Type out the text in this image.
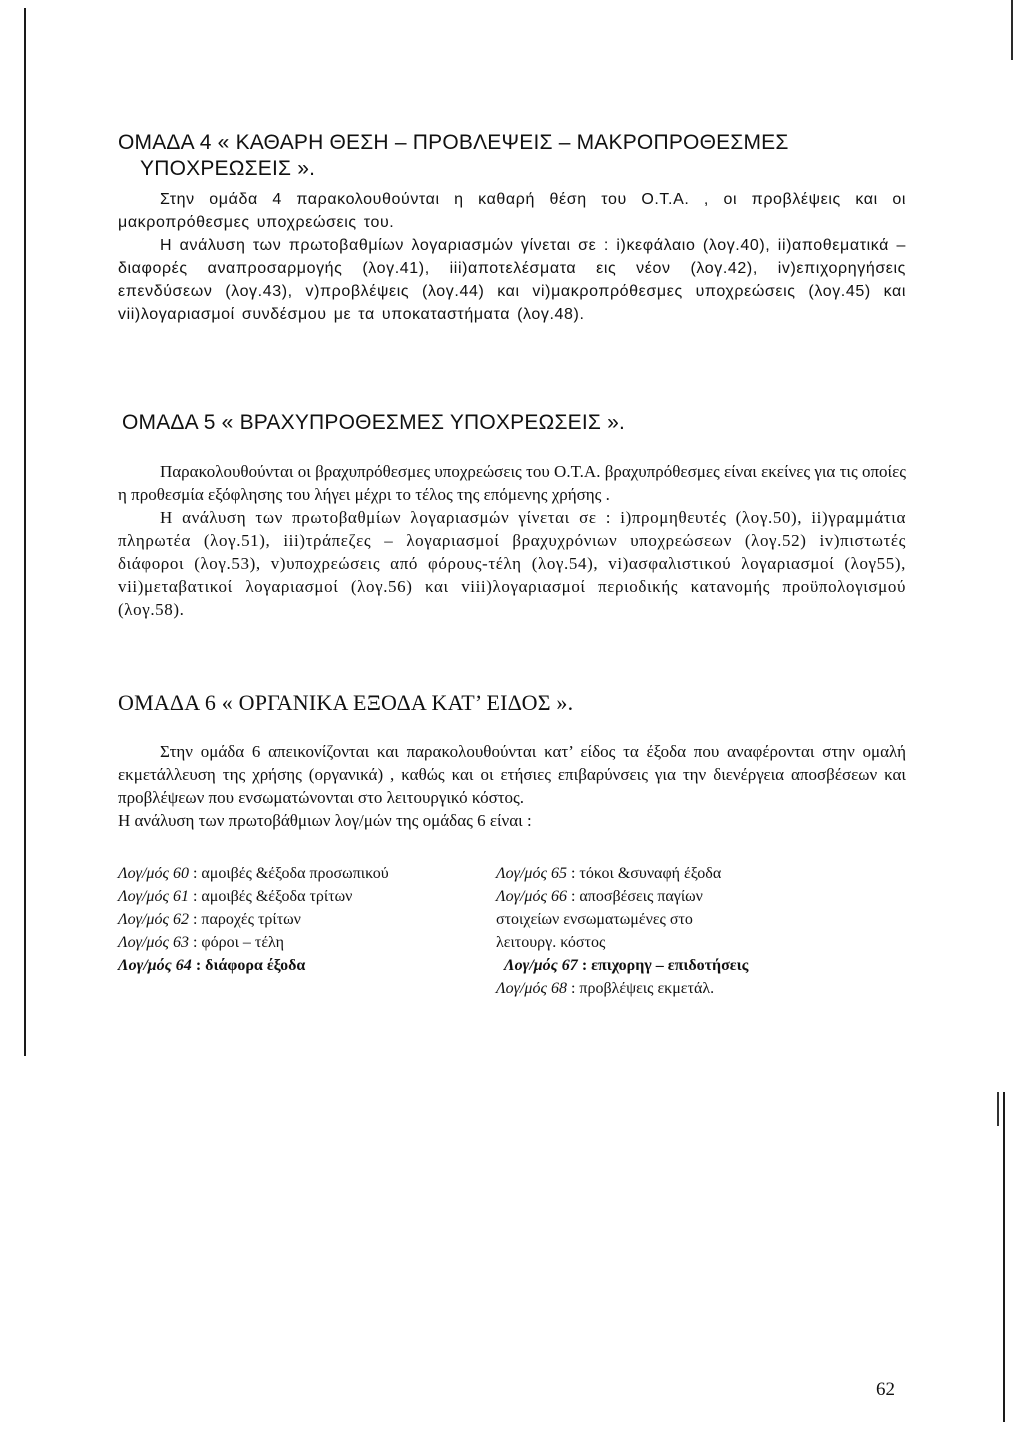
ΟΜΑΔΑ 4 « ΚΑΘΑΡΗ ΘΕΣΗ – ΠΡΟΒΛΕΨΕΙΣ – ΜΑΚΡΟΠΡΟΘΕΣΜΕΣ
ΥΠΟΧΡΕΩΣΕΙΣ ».

Στην ομάδα 4 παρακολουθούνται η καθαρή θέση του Ο.Τ.Α. , οι προβλέψεις και οι μακροπρόθεσμες υποχρεώσεις του.

Η ανάλυση των πρωτοβαθμίων λογαριασμών γίνεται σε : i)κεφάλαιο (λογ.40), ii)αποθεματικά – διαφορές αναπροσαρμογής (λογ.41), iii)αποτελέσματα εις νέον (λογ.42), iv)επιχορηγήσεις επενδύσεων (λογ.43), v)προβλέψεις (λογ.44) και vi)μακροπρόθεσμες υποχρεώσεις (λογ.45) και vii)λογαριασμοί συνδέσμου με τα υποκαταστήματα (λογ.48).

ΟΜΑΔΑ 5 « ΒΡΑΧΥΠΡΟΘΕΣΜΕΣ ΥΠΟΧΡΕΩΣΕΙΣ ».

Παρακολουθούνται οι βραχυπρόθεσμες υποχρεώσεις του Ο.Τ.Α. βραχυπρόθεσμες είναι εκείνες για τις οποίες η προθεσμία εξόφλησης του λήγει μέχρι το τέλος της επόμενης χρήσης .

Η ανάλυση των πρωτοβαθμίων λογαριασμών γίνεται σε : i)προμηθευτές (λογ.50), ii)γραμμάτια πληρωτέα (λογ.51), iii)τράπεζες – λογαριασμοί βραχυχρόνιων υποχρεώσεων (λογ.52) iv)πιστωτές διάφοροι (λογ.53), v)υποχρεώσεις από φόρους-τέλη (λογ.54), vi)ασφαλιστικού λογαριασμοί (λογ55), vii)μεταβατικοί λογαριασμοί (λογ.56) και viii)λογαριασμοί περιοδικής κατανομής προϋπολογισμού (λογ.58).

ΟΜΑΔΑ 6 « ΟΡΓΑΝΙΚΑ ΕΞΟΔΑ ΚΑΤ’ ΕΙΔΟΣ ».

Στην ομάδα 6 απεικονίζονται και παρακολουθούνται κατ’ είδος τα έξοδα που αναφέρονται στην ομαλή εκμετάλλευση της χρήσης (οργανικά) , καθώς και οι ετήσιες επιβαρύνσεις για την διενέργεια αποσβέσεων και προβλέψεων που ενσωματώνονται στο λειτουργικό κόστος.

Η ανάλυση των πρωτοβάθμιων λογ/μών της ομάδας 6 είναι :

Λογ/μός 60 : αμοιβές &έξοδα προσωπικού

Λογ/μός 61 : αμοιβές &έξοδα τρίτων

Λογ/μός 62 : παροχές τρίτων

Λογ/μός 63 : φόροι – τέλη

Λογ/μός 64 : διάφορα έξοδα

Λογ/μός 65 : τόκοι &συναφή έξοδα

Λογ/μός 66 : αποσβέσεις παγίων

στοιχείων ενσωματωμένες στο

λειτουργ. κόστος

Λογ/μός 67 : επιχορηγ – επιδοτήσεις

Λογ/μός 68 : προβλέψεις εκμετάλ.

62
